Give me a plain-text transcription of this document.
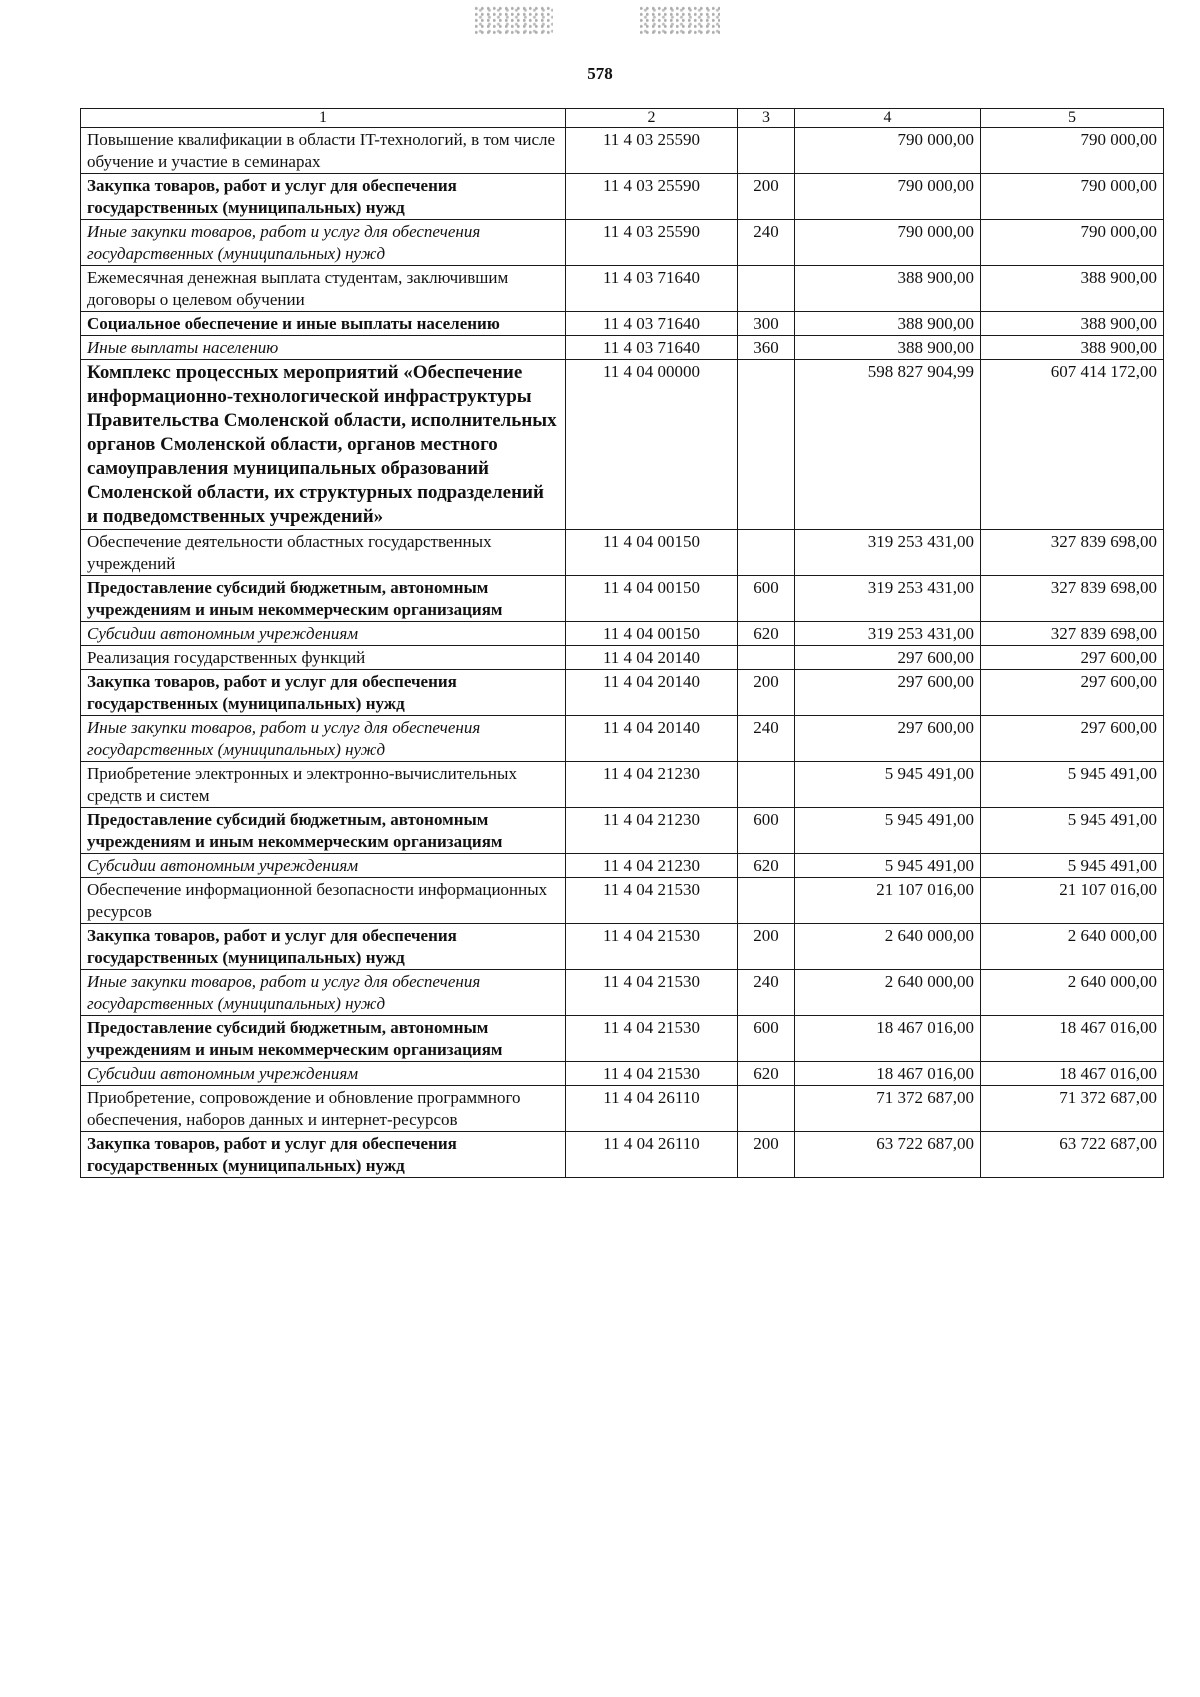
578
1	2	3	4	5
Повышение квалификации в области IT-технологий, в том числе обучение и участие в семинарах	11 4 03 25590		790 000,00	790 000,00
Закупка товаров, работ и услуг для обеспечения государственных (муниципальных) нужд	11 4 03 25590	200	790 000,00	790 000,00
Иные закупки товаров, работ и услуг для обеспечения государственных (муниципальных) нужд	11 4 03 25590	240	790 000,00	790 000,00
Ежемесячная денежная выплата студентам, заключившим договоры о целевом обучении	11 4 03 71640		388 900,00	388 900,00
Социальное обеспечение и иные выплаты населению	11 4 03 71640	300	388 900,00	388 900,00
Иные выплаты населению	11 4 03 71640	360	388 900,00	388 900,00
Комплекс процессных мероприятий «Обеспечение информационно-технологической инфраструктуры Правительства Смоленской области, исполнительных органов Смоленской области, органов местного самоуправления муниципальных образований Смоленской области, их структурных подразделений и подведомственных учреждений»	11 4 04 00000		598 827 904,99	607 414 172,00
Обеспечение деятельности областных государственных учреждений	11 4 04 00150		319 253 431,00	327 839 698,00
Предоставление субсидий бюджетным, автономным учреждениям и иным некоммерческим организациям	11 4 04 00150	600	319 253 431,00	327 839 698,00
Субсидии автономным учреждениям	11 4 04 00150	620	319 253 431,00	327 839 698,00
Реализация государственных функций	11 4 04 20140		297 600,00	297 600,00
Закупка товаров, работ и услуг для обеспечения государственных (муниципальных) нужд	11 4 04 20140	200	297 600,00	297 600,00
Иные закупки товаров, работ и услуг для обеспечения государственных (муниципальных) нужд	11 4 04 20140	240	297 600,00	297 600,00
Приобретение электронных и электронно-вычислительных средств и систем	11 4 04 21230		5 945 491,00	5 945 491,00
Предоставление субсидий бюджетным, автономным учреждениям и иным некоммерческим организациям	11 4 04 21230	600	5 945 491,00	5 945 491,00
Субсидии автономным учреждениям	11 4 04 21230	620	5 945 491,00	5 945 491,00
Обеспечение информационной безопасности информационных ресурсов	11 4 04 21530		21 107 016,00	21 107 016,00
Закупка товаров, работ и услуг для обеспечения государственных (муниципальных) нужд	11 4 04 21530	200	2 640 000,00	2 640 000,00
Иные закупки товаров, работ и услуг для обеспечения государственных (муниципальных) нужд	11 4 04 21530	240	2 640 000,00	2 640 000,00
Предоставление субсидий бюджетным, автономным учреждениям и иным некоммерческим организациям	11 4 04 21530	600	18 467 016,00	18 467 016,00
Субсидии автономным учреждениям	11 4 04 21530	620	18 467 016,00	18 467 016,00
Приобретение, сопровождение и обновление программного обеспечения, наборов данных и интернет-ресурсов	11 4 04 26110		71 372 687,00	71 372 687,00
Закупка товаров, работ и услуг для обеспечения государственных (муниципальных) нужд	11 4 04 26110	200	63 722 687,00	63 722 687,00
